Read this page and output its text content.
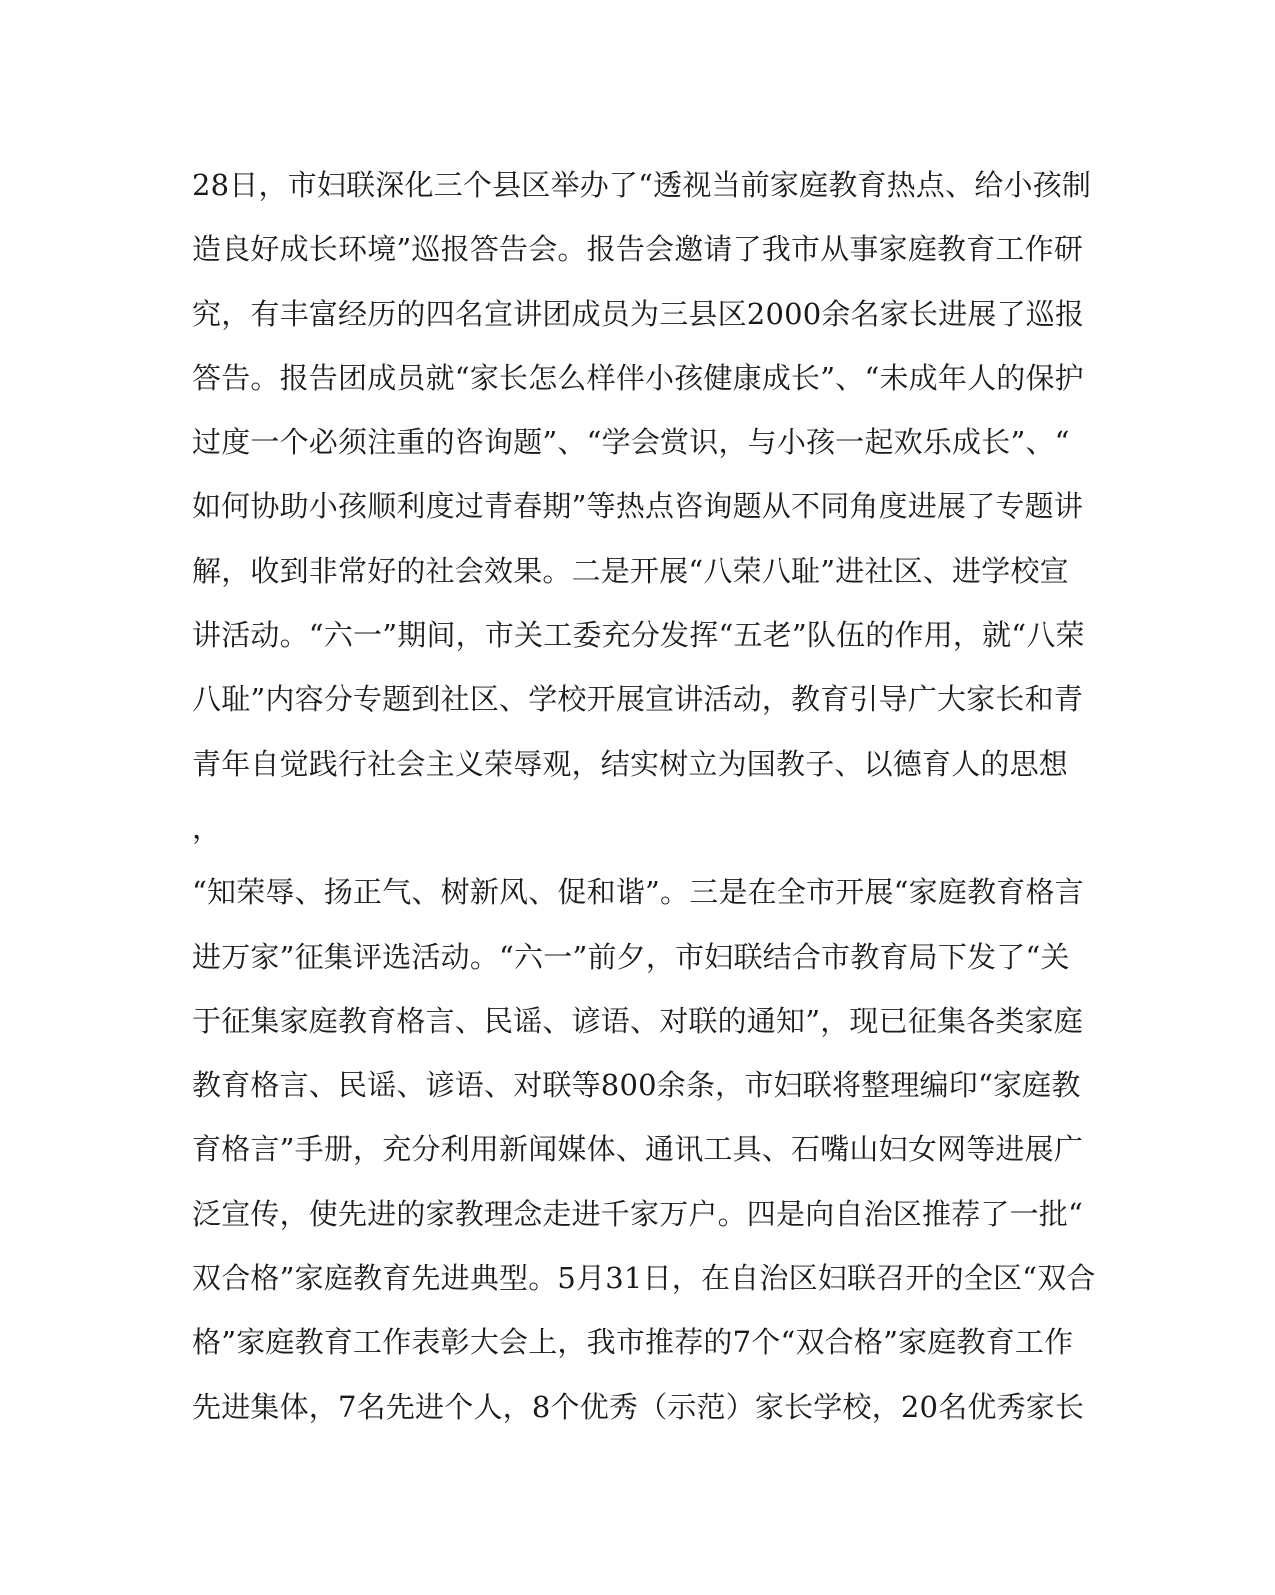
28日，市妇联深化三个县区举办了“透视当前家庭教育热点、给小孩制
造良好成长环境”巡报答告会。报告会邀请了我市从事家庭教育工作研
究，有丰富经历的四名宣讲团成员为三县区2000余名家长进展了巡报
答告。报告团成员就“家长怎么样伴小孩健康成长”、“未成年人的保护
过度一个必须注重的咨询题”、“学会赏识，与小孩一起欢乐成长”、“
如何协助小孩顺利度过青春期”等热点咨询题从不同角度进展了专题讲
解，收到非常好的社会效果。二是开展“八荣八耻”进社区、进学校宣
讲活动。“六一”期间，市关工委充分发挥“五老”队伍的作用，就“八荣
八耻”内容分专题到社区、学校开展宣讲活动，教育引导广大家长和青
青年自觉践行社会主义荣辱观，结实树立为国教子、以德育人的思想
，
“知荣辱、扬正气、树新风、促和谐”。三是在全市开展“家庭教育格言
进万家”征集评选活动。“六一”前夕，市妇联结合市教育局下发了“关
于征集家庭教育格言、民谣、谚语、对联的通知”，现已征集各类家庭
教育格言、民谣、谚语、对联等800余条，市妇联将整理编印“家庭教
育格言”手册，充分利用新闻媒体、通讯工具、石嘴山妇女网等进展广
泛宣传，使先进的家教理念走进千家万户。四是向自治区推荐了一批“
双合格”家庭教育先进典型。5月31日，在自治区妇联召开的全区“双合
格”家庭教育工作表彰大会上，我市推荐的7个“双合格”家庭教育工作
先进集体，7名先进个人，8个优秀（示范）家长学校，20名优秀家长
